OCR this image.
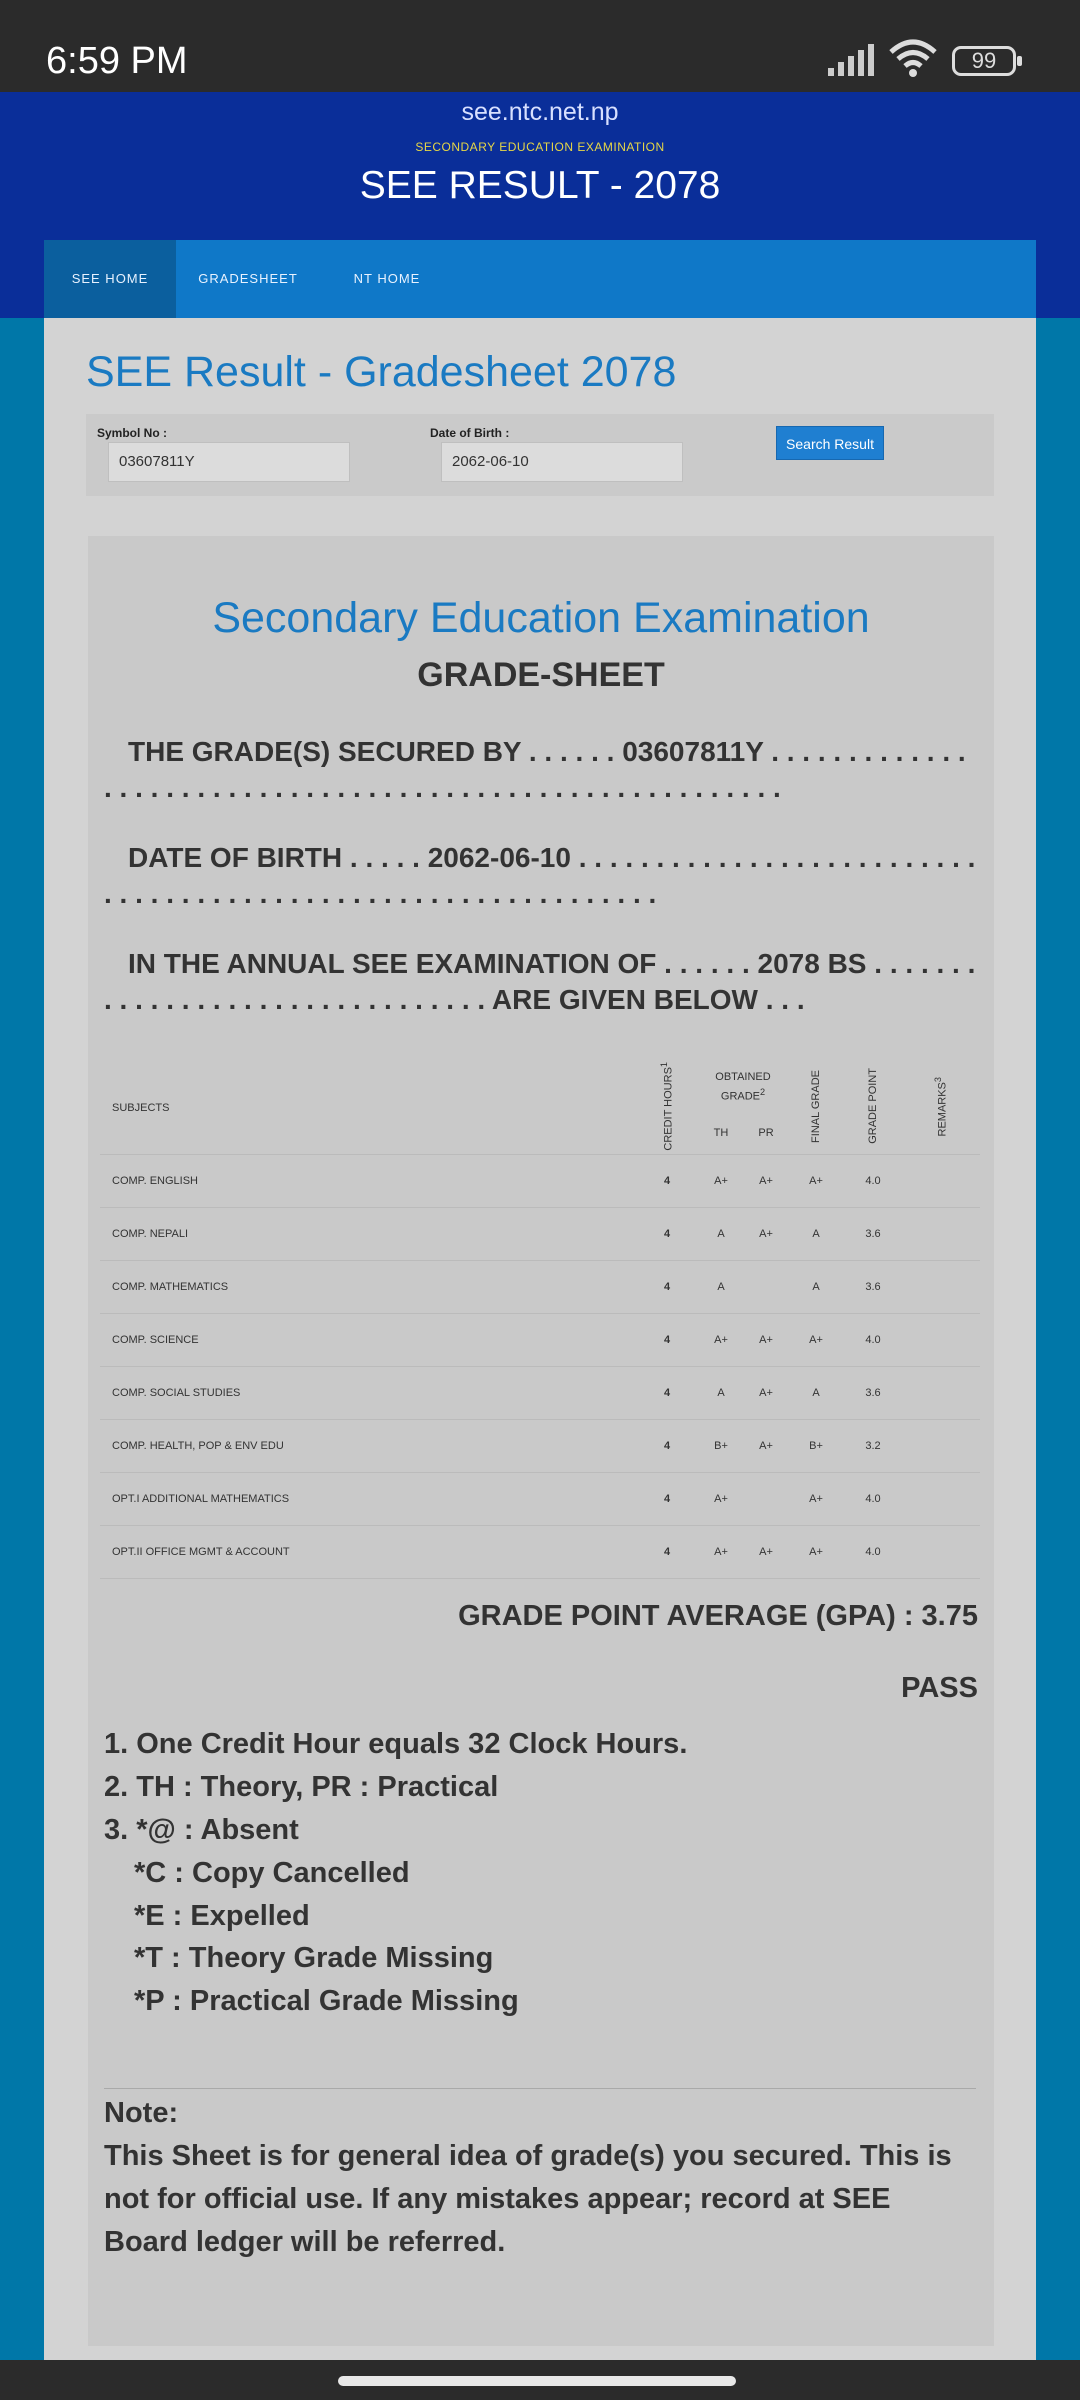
6:59 PM	99
see.ntc.net.np
SECONDARY EDUCATION EXAMINATION
SEE RESULT - 2078
SEE HOME	GRADESHEET	NT HOME
SEE Result - Gradesheet 2078
Symbol No :
03607811Y
Date of Birth :
2062-06-10
Search Result
Secondary Education Examination
GRADE-SHEET
THE GRADE(S) SECURED BY . . . . . . 03607811Y . . . . . . . . . . . . . . . . . . . . . . . . . . . . . . . . . . . . . . . . . . . . . . . . . . . . . . . . .
DATE OF BIRTH . . . . . 2062-06-10 . . . . . . . . . . . . . . . . . . . . . . . . . . . . . . . . . . . . . . . . . . . . . . . . . . . . . . . . . . . . . .
IN THE ANNUAL SEE EXAMINATION OF . . . . . . 2078 BS . . . . . . . . . . . . . . . . . . . . . . . . . . . . . . . . ARE GIVEN BELOW . . .
SUBJECTS	CREDIT HOURS$^1$	OBTAINED GRADE$^2$		FINAL GRADE	GRADE POINT	REMARKS$^3$
		TH	PR			
COMP. ENGLISH	4	A+	A+	A+	4.0	
COMP. NEPALI	4	A	A+	A	3.6	
COMP. MATHEMATICS	4	A		A	3.6	
COMP. SCIENCE	4	A+	A+	A+	4.0	
COMP. SOCIAL STUDIES	4	A	A+	A	3.6	
COMP. HEALTH, POP & ENV EDU	4	B+	A+	B+	3.2	
OPT.I ADDITIONAL MATHEMATICS	4	A+		A+	4.0	
OPT.II OFFICE MGMT & ACCOUNT	4	A+	A+	A+	4.0	
GRADE POINT AVERAGE (GPA) : 3.75
PASS
1. One Credit Hour equals 32 Clock Hours.
2. TH : Theory, PR : Practical
3. *@ : Absent
*C : Copy Cancelled
*E : Expelled
*T : Theory Grade Missing
*P : Practical Grade Missing
Note:
This Sheet is for general idea of grade(s) you secured. This is not for official use. If any mistakes appear; record at SEE Board ledger will be referred.
